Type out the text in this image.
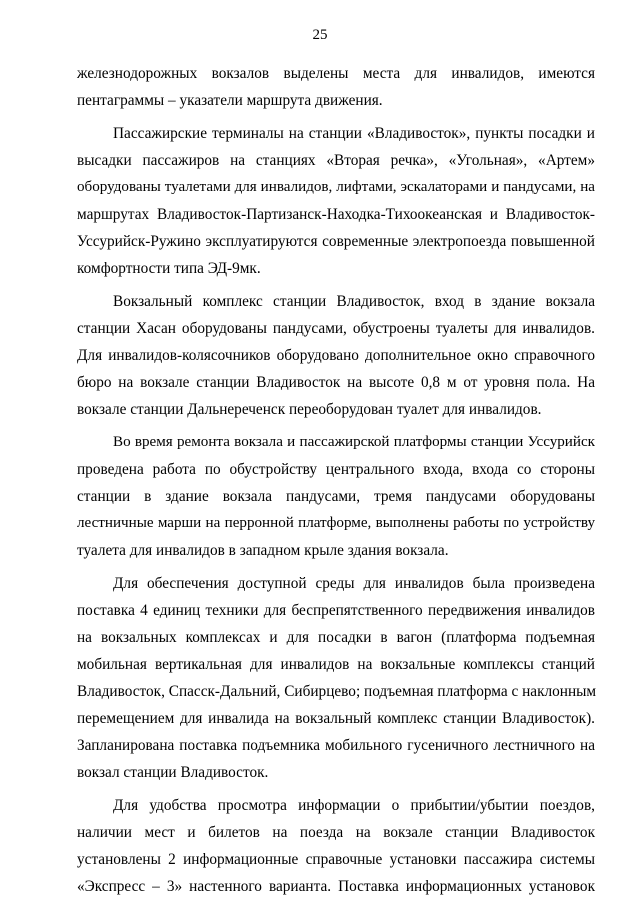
25
железнодорожных вокзалов выделены места для инвалидов, имеются
пентаграммы – указатели маршрута движения.
Пассажирские терминалы на станции «Владивосток», пункты посадки и
высадки пассажиров на станциях «Вторая речка», «Угольная», «Артем»
оборудованы туалетами для инвалидов, лифтами, эскалаторами и пандусами, на
маршрутах Владивосток-Партизанск-Находка-Тихоокеанская и Владивосток-
Уссурийск-Ружино эксплуатируются современные электропоезда повышенной
комфортности типа ЭД-9мк.
Вокзальный комплекс станции Владивосток, вход в здание вокзала
станции Хасан оборудованы пандусами, обустроены туалеты для инвалидов.
Для инвалидов-колясочников оборудовано дополнительное окно справочного
бюро на вокзале станции Владивосток на высоте 0,8 м от уровня пола. На
вокзале станции Дальнереченск переоборудован туалет для инвалидов.
Во время ремонта вокзала и пассажирской платформы станции Уссурийск
проведена работа по обустройству центрального входа, входа со стороны
станции в здание вокзала пандусами, тремя пандусами оборудованы
лестничные марши на перронной платформе, выполнены работы по устройству
туалета для инвалидов в западном крыле здания вокзала.
Для обеспечения доступной среды для инвалидов была произведена
поставка 4 единиц техники для беспрепятственного передвижения инвалидов
на вокзальных комплексах и для посадки в вагон (платформа подъемная
мобильная вертикальная для инвалидов на вокзальные комплексы станций
Владивосток, Спасск-Дальний, Сибирцево; подъемная платформа с наклонным
перемещением для инвалида на вокзальный комплекс станции Владивосток).
Запланирована поставка подъемника мобильного гусеничного лестничного на
вокзал станции Владивосток.
Для удобства просмотра информации о прибытии/убытии поездов,
наличии мест и билетов на поезда на вокзале станции Владивосток
установлены 2 информационные справочные установки пассажира системы
«Экспресс – 3» настенного варианта. Поставка информационных установок
